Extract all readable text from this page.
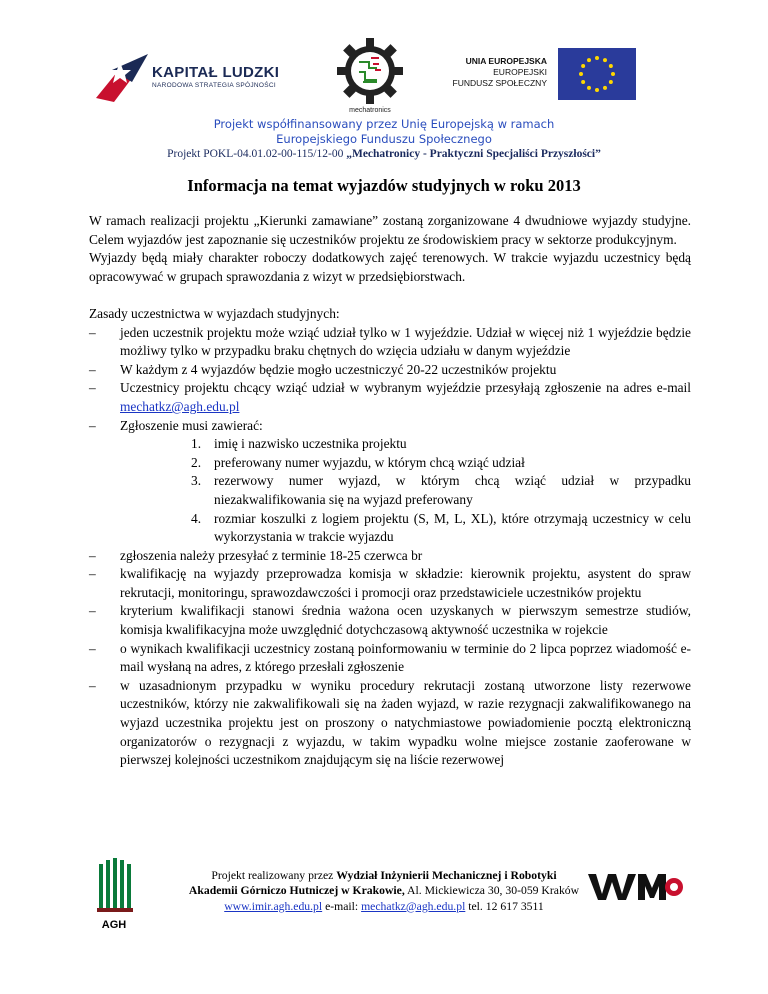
KAPITAŁ LUDZKI
NARODOWA STRATEGIA SPÓJNOŚCI
mechatronics
UNIA EUROPEJSKA
EUROPEJSKI
FUNDUSZ SPOŁECZNY
Projekt współfinansowany przez Unię Europejską w ramach
Europejskiego Funduszu Społecznego
Projekt POKL-04.01.02-00-115/12-00 „Mechatronicy - Praktyczni Specjaliści Przyszłości”
Informacja na temat wyjazdów studyjnych w roku 2013

W ramach realizacji projektu „Kierunki zamawiane” zostaną zorganizowane 4 dwudniowe wyjazdy studyjne. Celem wyjazdów jest zapoznanie się uczestników projektu ze środowiskiem pracy w sektorze produkcyjnym.

Wyjazdy będą miały charakter roboczy dodatkowych zajęć terenowych. W trakcie wyjazdu uczestnicy będą opracowywać w grupach sprawozdania z wizyt w przedsiębiorstwach.

Zasady uczestnictwa w wyjazdach studyjnych:

– jeden uczestnik projektu może wziąć udział tylko w 1 wyjeździe. Udział w więcej niż 1 wyjeździe będzie możliwy tylko w przypadku braku chętnych do wzięcia udziału w danym wyjeździe
– W każdym z 4 wyjazdów będzie mogło uczestniczyć 20-22 uczestników projektu
– Uczestnicy projektu chcący wziąć udział w wybranym wyjeździe przesyłają zgłoszenie na adres e-mail mechatkz@agh.edu.pl
– Zgłoszenie musi zawierać:
1. imię i nazwisko uczestnika projektu
2. preferowany numer wyjazdu, w którym chcą wziąć udział
3. rezerwowy numer wyjazd, w którym chcą wziąć udział w przypadku niezakwalifikowania się na wyjazd preferowany
4. rozmiar koszulki z logiem projektu (S, M, L, XL), które otrzymają uczestnicy w celu wykorzystania w trakcie wyjazdu
– zgłoszenia należy przesyłać z terminie 18-25 czerwca br
– kwalifikację na wyjazdy przeprowadza komisja w składzie: kierownik projektu, asystent do spraw rekrutacji, monitoringu, sprawozdawczości i promocji oraz przedstawiciele uczestników projektu
– kryterium kwalifikacji stanowi średnia ważona ocen uzyskanych w pierwszym semestrze studiów, komisja kwalifikacyjna może uwzględnić dotychczasową aktywność uczestnika w rojekcie
– o wynikach kwalifikacji uczestnicy zostaną poinformowaniu w terminie do 2 lipca poprzez wiadomość e-mail wysłaną na adres, z którego przesłali zgłoszenie
– w uzasadnionym przypadku w wyniku procedury rekrutacji zostaną utworzone listy rezerwowe uczestników, którzy nie zakwalifikowali się na żaden wyjazd, w razie rezygnacji zakwalifikowanego na wyjazd uczestnika projektu jest on proszony o natychmiastowe powiadomienie pocztą elektroniczną organizatorów o rezygnacji z wyjazdu, w takim wypadku wolne miejsce zostanie zaoferowane w pierwszej kolejności uczestnikom znajdującym się na liście rezerwowej
AGH
Projekt realizowany przez Wydział Inżynierii Mechanicznej i Robotyki
Akademii Górniczo Hutniczej w Krakowie, Al. Mickiewicza 30, 30-059 Kraków
www.imir.agh.edu.pl e-mail: mechatkz@agh.edu.pl tel. 12 617 3511
